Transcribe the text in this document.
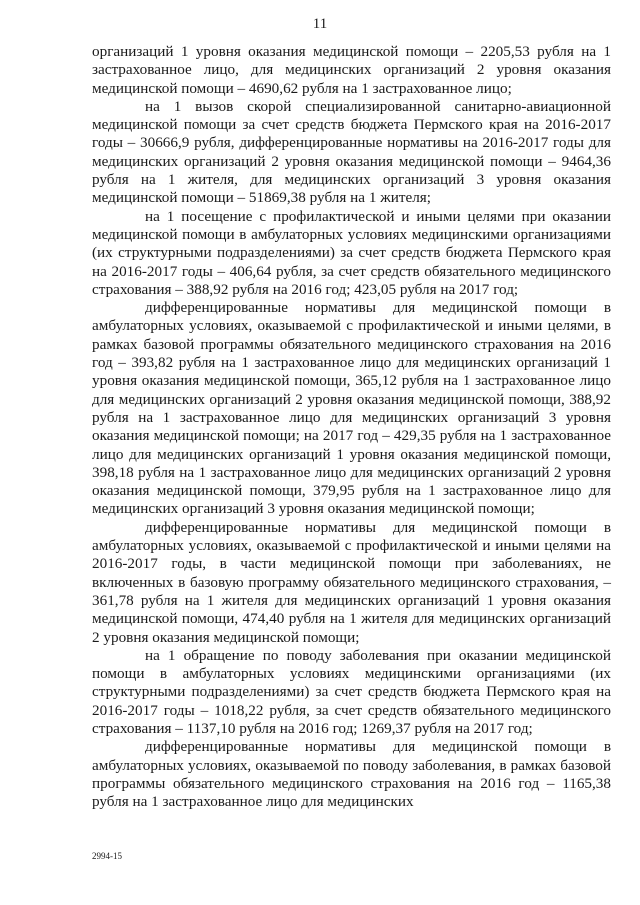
11

организаций 1 уровня оказания медицинской помощи – 2205,53 рубля на 1 застрахованное лицо, для медицинских организаций 2 уровня оказания медицинской помощи – 4690,62 рубля на 1 застрахованное лицо;

на 1 вызов скорой специализированной санитарно-авиационной медицинской помощи за счет средств бюджета Пермского края на 2016-2017 годы – 30666,9 рубля, дифференцированные нормативы на 2016-2017 годы для медицинских организаций 2 уровня оказания медицинской помощи – 9464,36 рубля на 1 жителя, для медицинских организаций 3 уровня оказания медицинской помощи – 51869,38 рубля на 1 жителя;

на 1 посещение с профилактической и иными целями при оказании медицинской помощи в амбулаторных условиях медицинскими организациями (их структурными подразделениями) за счет средств бюджета Пермского края на 2016-2017 годы – 406,64 рубля, за счет средств обязательного медицинского страхования – 388,92 рубля на 2016 год; 423,05 рубля на 2017 год;

дифференцированные нормативы для медицинской помощи в амбулаторных условиях, оказываемой с профилактической и иными целями, в рамках базовой программы обязательного медицинского страхования на 2016 год – 393,82 рубля на 1 застрахованное лицо для медицинских организаций 1 уровня оказания медицинской помощи, 365,12 рубля на 1 застрахованное лицо для медицинских организаций 2 уровня оказания медицинской помощи, 388,92 рубля на 1 застрахованное лицо для медицинских организаций 3 уровня оказания медицинской помощи; на 2017 год – 429,35 рубля на 1 застрахованное лицо для медицинских организаций 1 уровня оказания медицинской помощи, 398,18 рубля на 1 застрахованное лицо для медицинских организаций 2 уровня оказания медицинской помощи, 379,95 рубля на 1 застрахованное лицо для медицинских организаций 3 уровня оказания медицинской помощи;

дифференцированные нормативы для медицинской помощи в амбулаторных условиях, оказываемой с профилактической и иными целями на 2016-2017 годы, в части медицинской помощи при заболеваниях, не включенных в базовую программу обязательного медицинского страхования, – 361,78 рубля на 1 жителя для медицинских организаций 1 уровня оказания медицинской помощи, 474,40 рубля на 1 жителя для медицинских организаций 2 уровня оказания медицинской помощи;

на 1 обращение по поводу заболевания при оказании медицинской помощи в амбулаторных условиях медицинскими организациями (их структурными подразделениями) за счет средств бюджета Пермского края на 2016-2017 годы – 1018,22 рубля, за счет средств обязательного медицинского страхования – 1137,10 рубля на 2016 год; 1269,37 рубля на 2017 год;

дифференцированные нормативы для медицинской помощи в амбулаторных условиях, оказываемой по поводу заболевания, в рамках базовой программы обязательного медицинского страхования на 2016 год – 1165,38 рубля на 1 застрахованное лицо для медицинских

2994-15
